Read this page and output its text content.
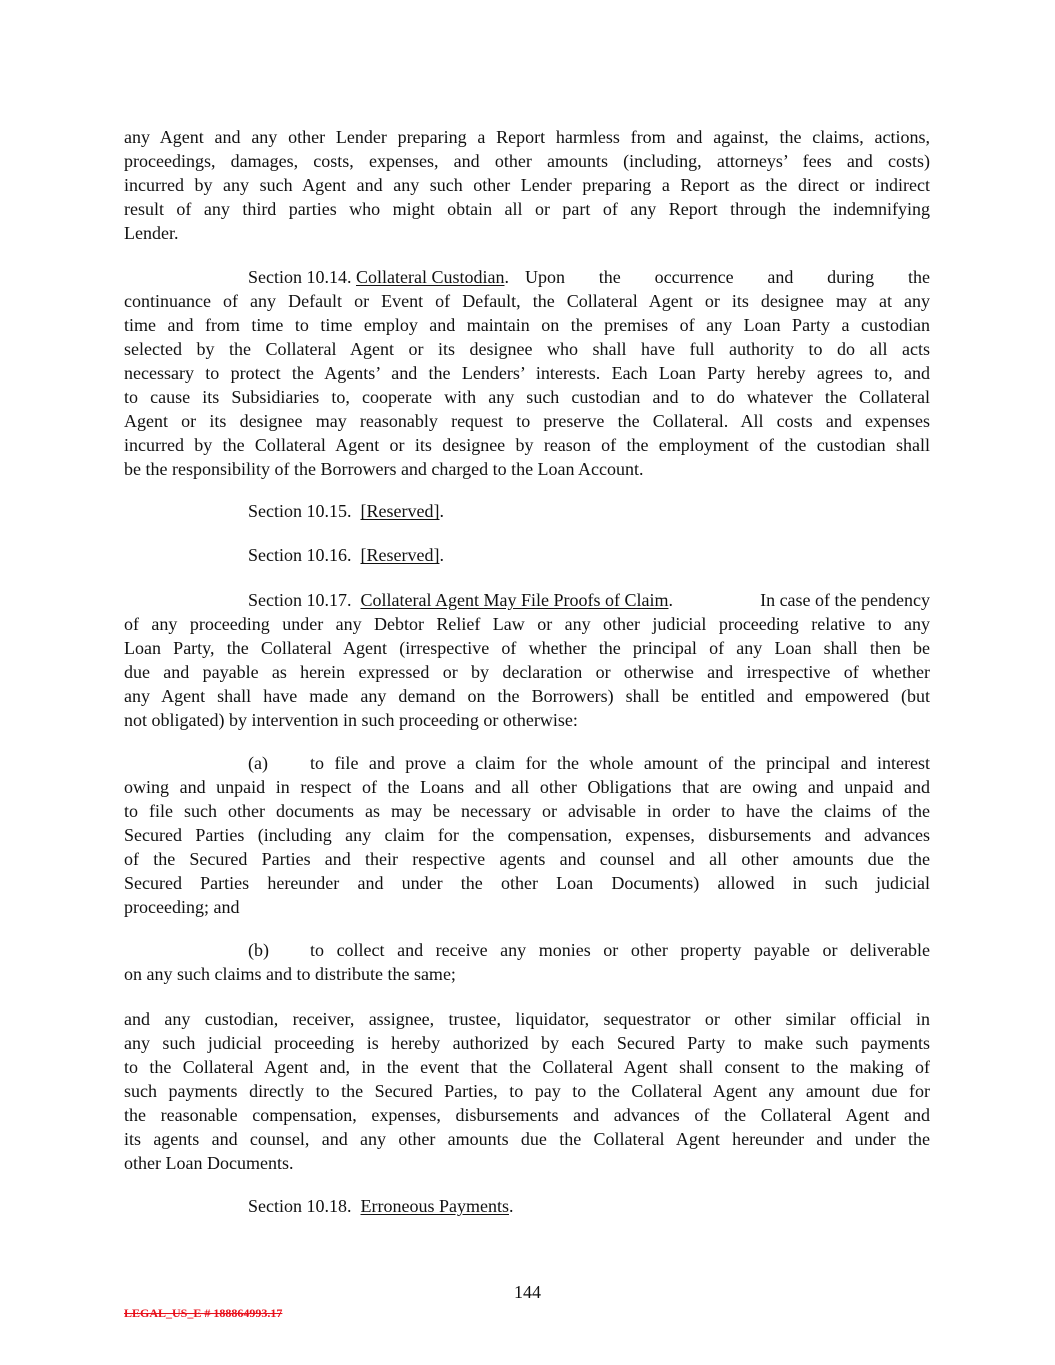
any Agent and any other Lender preparing a Report harmless from and against, the claims, actions,
proceedings, damages, costs, expenses, and other amounts (including, attorneys’ fees and costs)
incurred by any such Agent and any such other Lender preparing a Report as the direct or indirect
result of any third parties who might obtain all or part of any Report through the indemnifying
Lender.
Section 10.14. Collateral Custodian. Upon the occurrence and during the
continuance of any Default or Event of Default, the Collateral Agent or its designee may at any
time and from time to time employ and maintain on the premises of any Loan Party a custodian
selected by the Collateral Agent or its designee who shall have full authority to do all acts
necessary to protect the Agents’ and the Lenders’ interests. Each Loan Party hereby agrees to, and
to cause its Subsidiaries to, cooperate with any such custodian and to do whatever the Collateral
Agent or its designee may reasonably request to preserve the Collateral. All costs and expenses
incurred by the Collateral Agent or its designee by reason of the employment of the custodian shall
be the responsibility of the Borrowers and charged to the Loan Account.
Section 10.15. [Reserved].
Section 10.16. [Reserved].
Section 10.17. Collateral Agent May File Proofs of Claim.	In case of the pendency
of any proceeding under any Debtor Relief Law or any other judicial proceeding relative to any
Loan Party, the Collateral Agent (irrespective of whether the principal of any Loan shall then be
due and payable as herein expressed or by declaration or otherwise and irrespective of whether
any Agent shall have made any demand on the Borrowers) shall be entitled and empowered (but
not obligated) by intervention in such proceeding or otherwise:
(a)	to file and prove a claim for the whole amount of the principal and interest
owing and unpaid in respect of the Loans and all other Obligations that are owing and unpaid and
to file such other documents as may be necessary or advisable in order to have the claims of the
Secured Parties (including any claim for the compensation, expenses, disbursements and advances
of the Secured Parties and their respective agents and counsel and all other amounts due the
Secured Parties hereunder and under the other Loan Documents) allowed in such judicial
proceeding; and
(b)	to collect and receive any monies or other property payable or deliverable
on any such claims and to distribute the same;
and any custodian, receiver, assignee, trustee, liquidator, sequestrator or other similar official in
any such judicial proceeding is hereby authorized by each Secured Party to make such payments
to the Collateral Agent and, in the event that the Collateral Agent shall consent to the making of
such payments directly to the Secured Parties, to pay to the Collateral Agent any amount due for
the reasonable compensation, expenses, disbursements and advances of the Collateral Agent and
its agents and counsel, and any other amounts due the Collateral Agent hereunder and under the
other Loan Documents.
Section 10.18. Erroneous Payments.
144
LEGAL_US_E # 188864993.17
